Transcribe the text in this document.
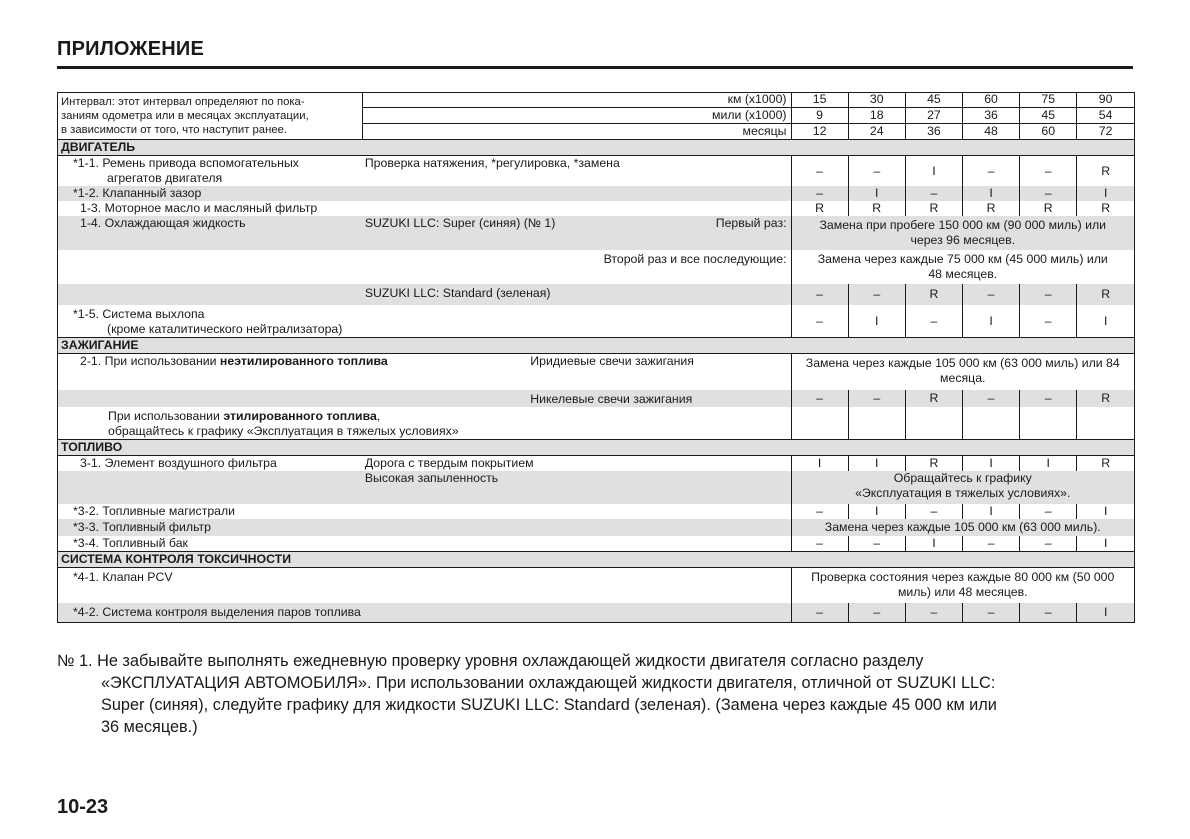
ПРИЛОЖЕНИЕ
Интервал: этот интервал определяют по пока-
заниям одометра или в месяцах эксплуатации,
в зависимости от того, что наступит ранее.	км (x1000)		15	30	45	60	75	90
	мили (x1000)		9	18	27	36	45	54
	месяцы		12	24	36	48	60	72
ДВИГАТЕЛЬ								

*1-1. Ремень привода вспомогательных
агрегатов двигателя	Проверка натяжения, *регулировка, *замена		–	–	I	–	–	R
*1-2. Клапанный зазор			–	I	–	I	–	I
1-3. Моторное масло и масляный фильтр			R	R	R	R	R	R
1-4. Охлаждающая жидкость	SUZUKI LLC: Super (синяя) (№ 1) Первый раз:		Замена при пробеге 150 000 км (90 000 миль) или через 96 месяцев.					
Второй раз и все последующие:			Замена через каждые 75 000 км (45 000 миль) или 48 месяцев.					
	SUZUKI LLC: Standard (зеленая)		–	–	R	–	–	R

*1-5. Система выхлопа
(кроме каталитического нейтрализатора)			–	I	–	I	–	I
ЗАЖИГАНИЕ								
2-1. При использовании неэтилированного топлива		Иридиевые свечи зажигания	Замена через каждые 105 000 км (63 000 миль) или 84 месяца.					
		Никелевые свечи зажигания	–	–	R	–	–	R

При использовании этилированного топлива,
обращайтесь к графику «Эксплуатация в тяжелых условиях»								

ТОПЛИВО								
3-1. Элемент воздушного фильтра	Дорога с твердым покрытием		I	I	R	I	I	R
	Высокая запыленность		Обращайтесь к графику «Эксплуатация в тяжелых условиях».					
*3-2. Топливные магистрали			–	I	–	I	–	I
*3-3. Топливный фильтр			Замена через каждые 105 000 км (63 000 миль).					
*3-4. Топливный бак			–	–	I	–	–	I
СИСТЕМА КОНТРОЛЯ ТОКСИЧНОСТИ								
*4-1. Клапан PCV			Проверка состояния через каждые 80 000 км (50 000 миль) или 48 месяцев.					
*4-2. Система контроля выделения паров топлива			–	–	–	–	–	I
№ 1. Не забывайте выполнять ежедневную проверку уровня охлаждающей жидкости двигателя согласно разделу
«ЭКСПЛУАТАЦИЯ АВТОМОБИЛЯ». При использовании охлаждающей жидкости двигателя, отличной от SUZUKI LLC:
Super (синяя), следуйте графику для жидкости SUZUKI LLC: Standard (зеленая). (Замена через каждые 45 000 км или
36 месяцев.)
10-23
